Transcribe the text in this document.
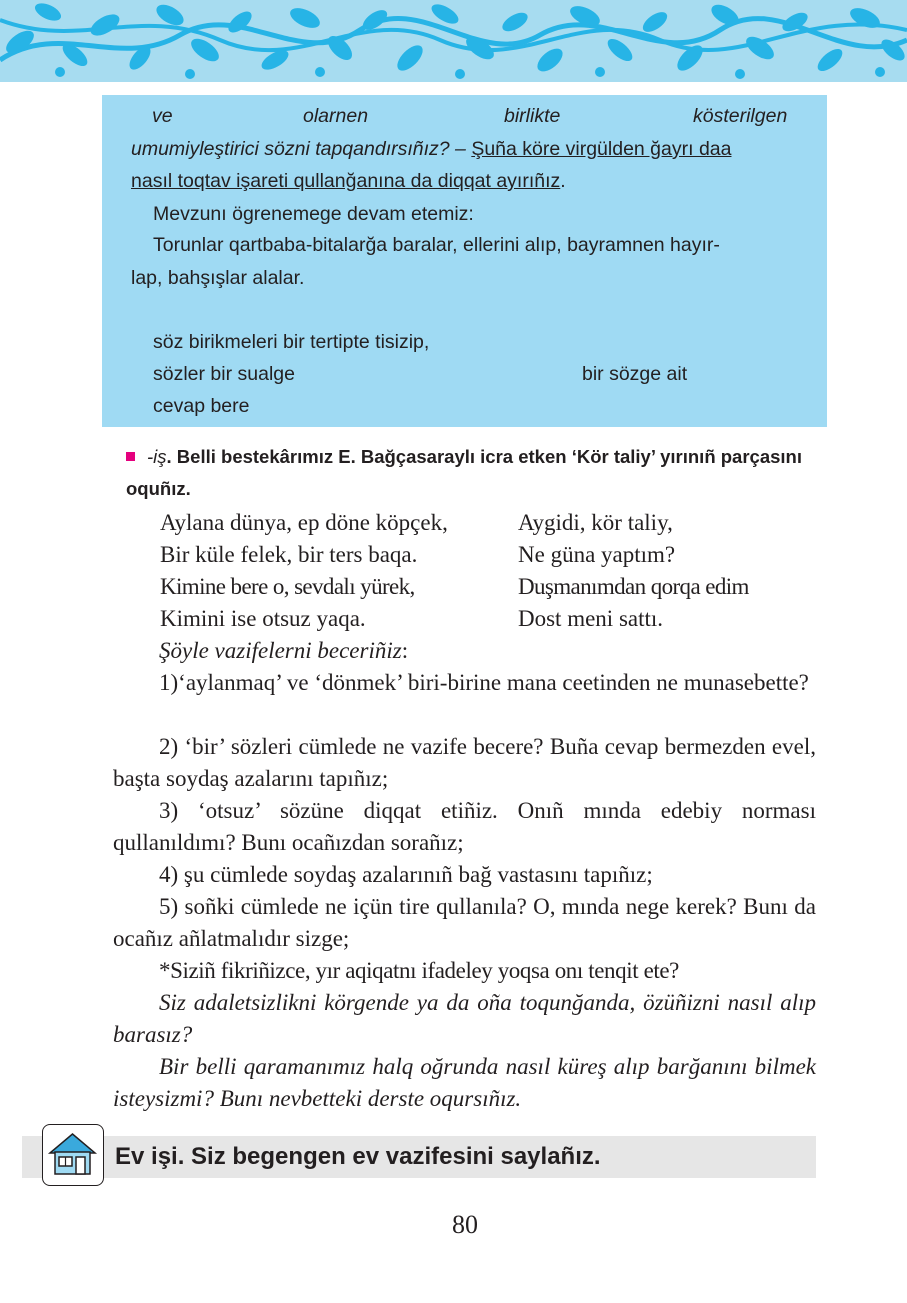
ve	olarnen	birlikte	kösterilgen
umumiyleştirici sözni tapqandırsıñız? – Şuña köre virgülden ğayrı daa
nasıl toqtav işareti qullanğanına da diqqat ayırıñız.
Mevzunı ögrenemege devam etemiz:
Torunlar qartbaba-bitalarğa baralar, ellerini alıp, bayramnen hayır-
lap, bahşışlar alalar.
söz birikmeleri bir tertipte tisizip,
sözler bir sualge	bir sözge ait
cevap bere
-iş. Belli bestekârımız E. Bağçasaraylı icra etken ‘Kör taliy’ yırınıñ parçasını oquñız.
Aylana dünya, ep döne köpçek,
Bir küle felek, bir ters baqa.
Kimine bere o, sevdalı yürek,
Kimini ise otsuz yaqa.
Aygidi, kör taliy,
Ne güna yaptım?
Duşmanımdan qorqa edim
Dost meni sattı.
Şöyle vazifelerni beceriñiz:
1)‘aylanmaq’ ve ‘dönmek’ biri-birine mana ceetinden ne munasebette?
2) ‘bir’ sözleri cümlede ne vazife becere? Buña cevap bermezden evel, başta soydaş azalarını tapıñız;
3) ‘otsuz’ sözüne diqqat etiñiz. Onıñ mında edebiy norması qullanıldımı? Bunı ocañızdan sorañız;
4) şu cümlede soydaş azalarınıñ bağ vastasını tapıñız;
5) soñki cümlede ne içün tire qullanıla? O, mında nege kerek? Bunı da ocañız añlatmalıdır sizge;
*Siziñ fikriñizce, yır aqiqatnı ifadeley yoqsa onı tenqit ete?
Siz adaletsizlikni körgende ya da oña toqunğanda, özüñizni nasıl alıp barasız?
Bir belli qaramanımız halq oğrunda nasıl küreş alıp barğanını bilmek isteysizmi? Bunı nevbetteki derste oqursıñız.
Ev işi. Siz begengen ev vazifesini saylañız.
80
